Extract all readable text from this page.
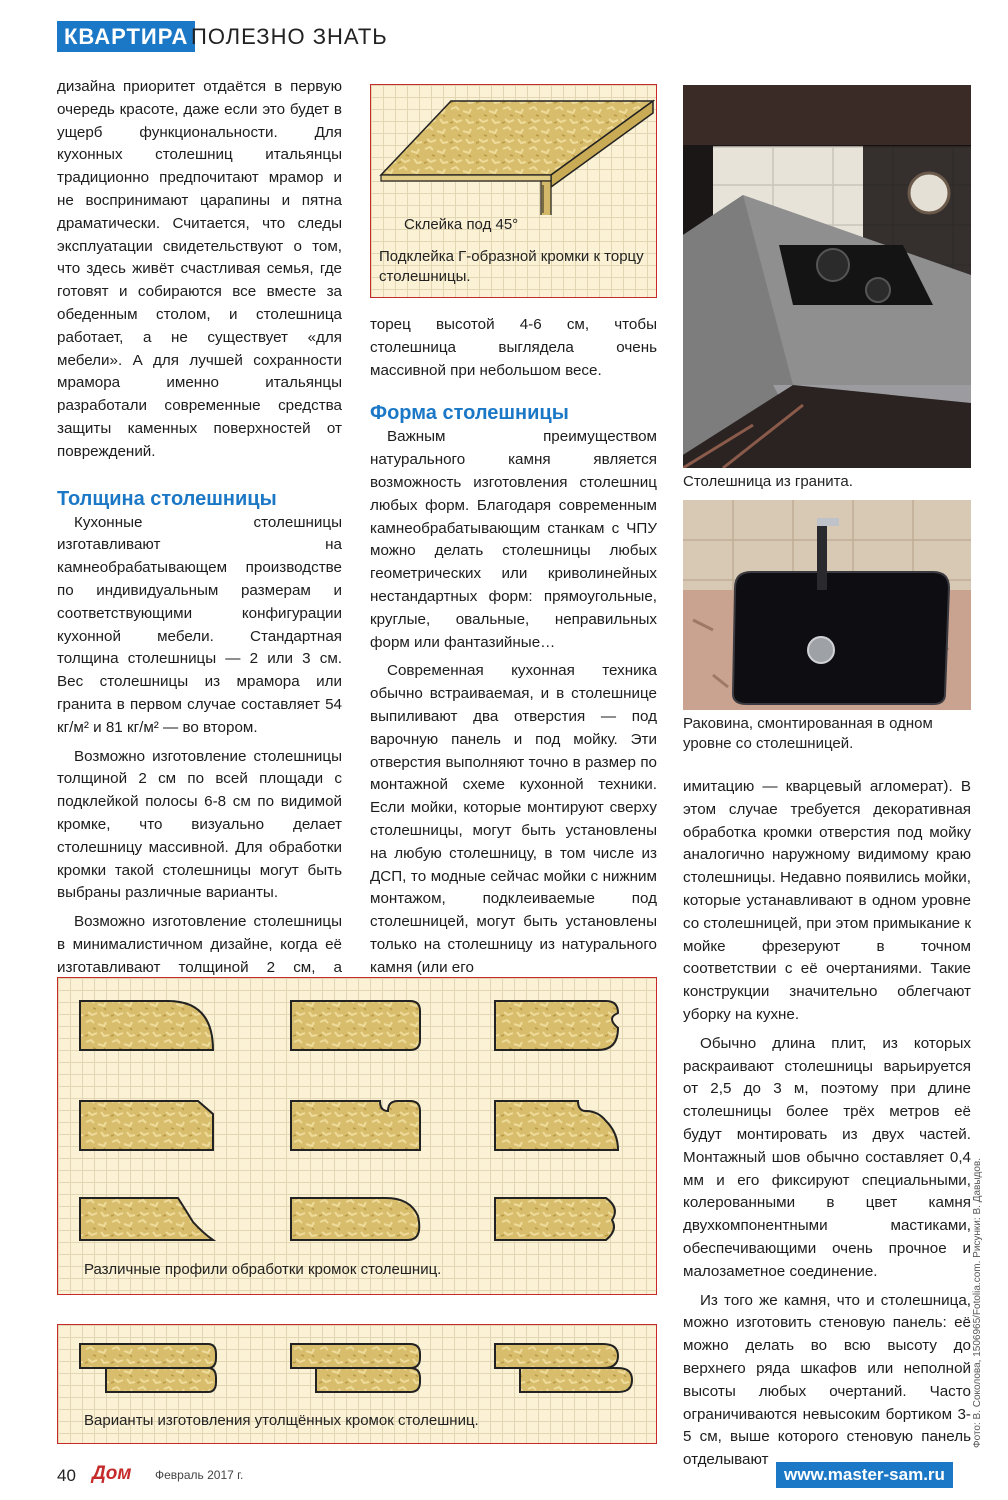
КВАРТИРА ПОЛЕЗНО ЗНАТЬ

дизайна приоритет отдаётся в первую очередь красоте, даже если это будет в ущерб функциональности. Для кухонных столешниц итальянцы традиционно предпочитают мрамор и не воспринимают царапины и пятна драматически. Считается, что следы эксплуатации свидетельствуют о том, что здесь живёт счастливая семья, где готовят и собираются все вместе за обеденным столом, и столешница работает, а не существует «для мебели». А для лучшей сохранности мрамора именно итальянцы разработали современные средства защиты каменных поверхностей от повреждений.

Толщина столешницы

Кухонные столешницы изготавливают на камнеобрабатывающем производстве по индивидуальным размерам и соответствующими конфигурации кухонной мебели. Стандартная толщина столешницы — 2 или 3 см. Вес столешницы из мрамора или гранита в первом случае составляет 54 кг/м² и 81 кг/м² — во втором.

Возможно изготовление столешницы толщиной 2 см по всей площади с подклейкой полосы 6-8 см по видимой кромке, что визуально делает столешницу массивной. Для обработки кромки такой столешницы могут быть выбраны различные варианты.

Возможно изготовление столешницы в минималистичном дизайне, когда её изготавливают толщиной 2 см, а

Склейка под 45°
Подклейка Г-образной кромки к торцу столешницы.

торец высотой 4-6 см, чтобы столешница выглядела очень массивной при небольшом весе.

Форма столешницы

Важным преимуществом натурального камня является возможность изготовления столешниц любых форм. Благодаря современным камнеобрабатывающим станкам с ЧПУ можно делать столешницы любых геометрических или криволинейных нестандартных форм: прямоугольные, круглые, овальные, неправильных форм или фантазийные…

Современная кухонная техника обычно встраиваемая, и в столешнице выпиливают два отверстия — под варочную панель и под мойку. Эти отверстия выполняют точно в размер по монтажной схеме кухонной техники. Если мойки, которые монтируют сверху столешницы, могут быть установлены на любую столешницу, в том числе из ДСП, то модные сейчас мойки с нижним монтажом, подклеиваемые под столешницей, могут быть установлены только на столешницу из натурального камня (или его

Столешница из гранита.
Раковина, смонтированная в одном уровне со столешницей.

имитацию — кварцевый агломерат). В этом случае требуется декоративная обработка кромки отверстия под мойку аналогично наружному видимому краю столешницы. Недавно появились мойки, которые устанавливают в одном уровне со столешницей, при этом примыкание к мойке фрезеруют в точном соответствии с её очертаниями. Такие конструкции значительно облегчают уборку на кухне.

Обычно длина плит, из которых раскраивают столешницы варьируется от 2,5 до 3 м, поэтому при длине столешницы более трёх метров её будут монтировать из двух частей. Монтажный шов обычно составляет 0,4 мм и его фиксируют специальными, колерованными в цвет камня двухкомпонентными мастиками, обеспечивающими очень прочное и малозаметное соединение.

Из того же камня, что и столешница, можно изготовить стеновую панель: её можно делать во всю высоту до верхнего ряда шкафов или неполной высоты любых очертаний. Часто ограничиваются невысоким бортиком 3-5 см, выше которого стеновую панель отделывают

Различные профили обработки кромок столешниц.
Варианты изготовления утолщённых кромок столешниц.	Фото: В. Соколова, 1506965/Fotolia.com. Рисунки: В. Давыдов.
40 Дом Февраль 2017 г.	www.master-sam.ru
